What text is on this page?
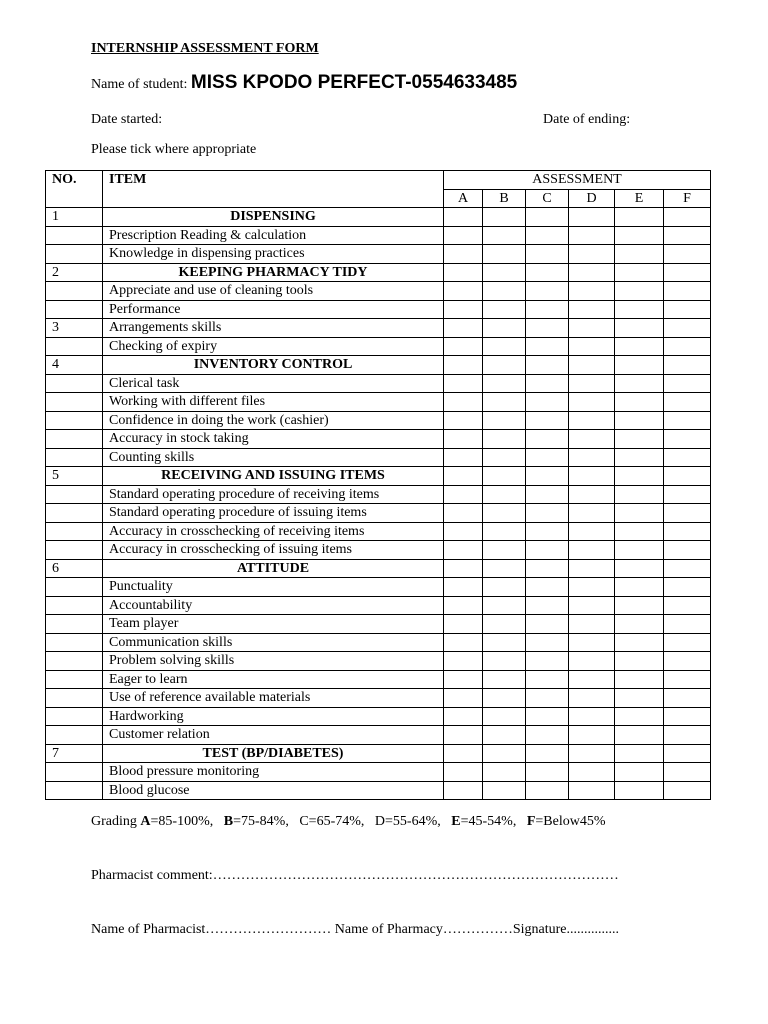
INTERNSHIP ASSESSMENT FORM
Name of student: MISS KPODO PERFECT-0554633485
Date started:	Date of ending:
Please tick where appropriate
NO.	ITEM	ASSESSMENT					
		A	B	C	D	E	F
1	DISPENSING						
	Prescription Reading & calculation						
	Knowledge in dispensing practices						
2	KEEPING PHARMACY TIDY						
	Appreciate and use of cleaning tools						
	Performance						
3	Arrangements skills						
	Checking of expiry						
4	INVENTORY CONTROL						
	Clerical task						
	Working with different files						
	Confidence in doing the work (cashier)						
	Accuracy in stock taking						
	Counting skills						
5	RECEIVING AND ISSUING ITEMS						
	Standard operating procedure of receiving items						
	Standard operating procedure of issuing items						
	Accuracy in crosschecking of receiving items						
	Accuracy in crosschecking of issuing items						
6	ATTITUDE						
	Punctuality						
	Accountability						
	Team player						
	Communication skills						
	Problem solving skills						
	Eager to learn						
	Use of reference available materials						
	Hardworking						
	Customer relation						
7	TEST (BP/DIABETES)						
	Blood pressure monitoring						
	Blood glucose						
Grading A=85-100%, B=75-84%, C=65-74%, D=55-64%, E=45-54%, F=Below45%
Pharmacist comment:……………………………………………………………………………
Name of Pharmacist……………………… Name of Pharmacy……………Signature...............
